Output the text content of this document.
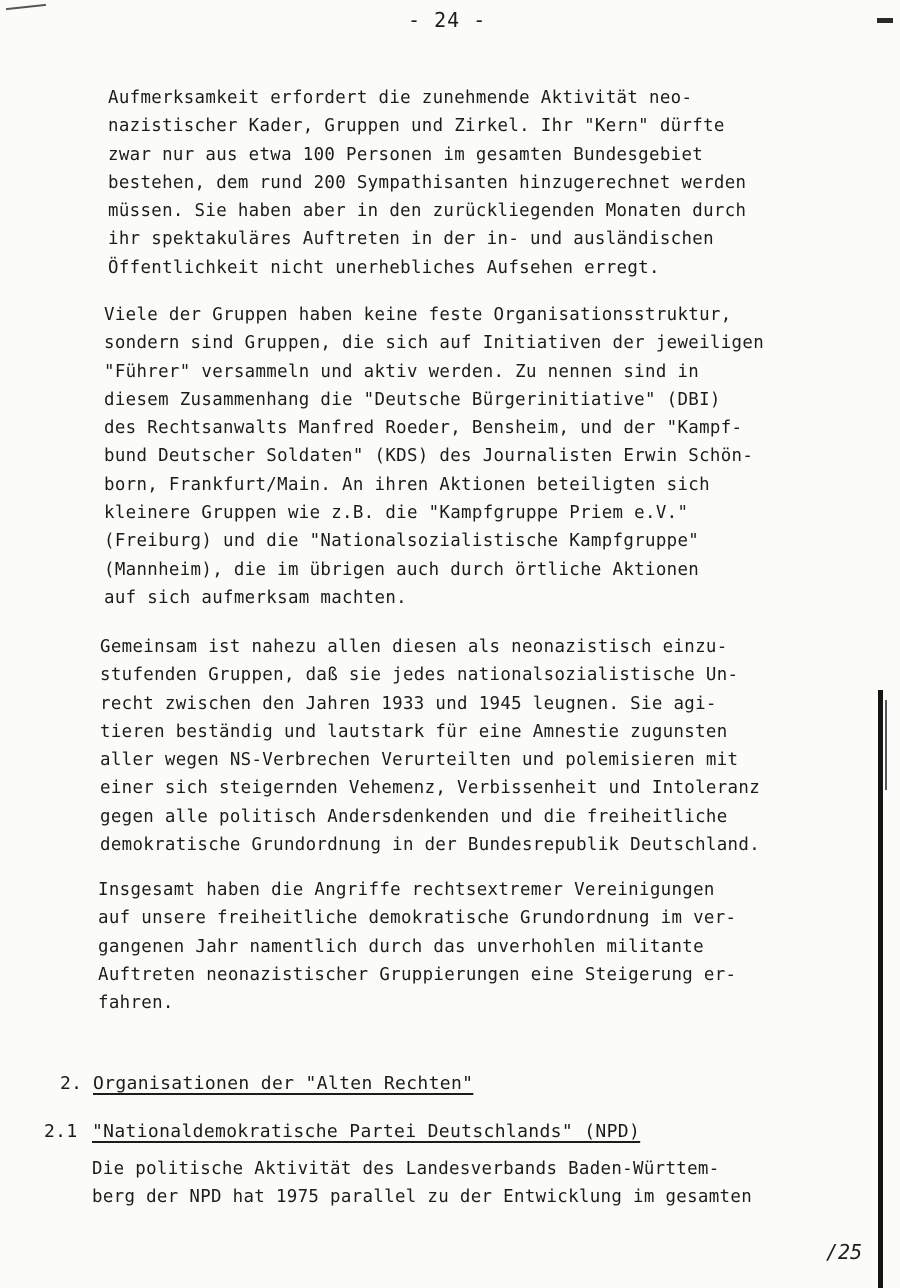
- 24 -

Aufmerksamkeit erfordert die zunehmende Aktivität neo-
nazistischer Kader, Gruppen und Zirkel. Ihr "Kern" dürfte
zwar nur aus etwa 100 Personen im gesamten Bundesgebiet
bestehen, dem rund 200 Sympathisanten hinzugerechnet werden
müssen. Sie haben aber in den zurückliegenden Monaten durch
ihr spektakuläres Auftreten in der in- und ausländischen
Öffentlichkeit nicht unerhebliches Aufsehen erregt.

Viele der Gruppen haben keine feste Organisationsstruktur,
sondern sind Gruppen, die sich auf Initiativen der jeweiligen
"Führer" versammeln und aktiv werden. Zu nennen sind in
diesem Zusammenhang die "Deutsche Bürgerinitiative" (DBI)
des Rechtsanwalts Manfred Roeder, Bensheim, und der "Kampf-
bund Deutscher Soldaten" (KDS) des Journalisten Erwin Schön-
born, Frankfurt/Main. An ihren Aktionen beteiligten sich
kleinere Gruppen wie z.B. die "Kampfgruppe Priem e.V."
(Freiburg) und die "Nationalsozialistische Kampfgruppe"
(Mannheim), die im übrigen auch durch örtliche Aktionen
auf sich aufmerksam machten.

Gemeinsam ist nahezu allen diesen als neonazistisch einzu-
stufenden Gruppen, daß sie jedes nationalsozialistische Un-
recht zwischen den Jahren 1933 und 1945 leugnen. Sie agi-
tieren beständig und lautstark für eine Amnestie zugunsten
aller wegen NS-Verbrechen Verurteilten und polemisieren mit
einer sich steigernden Vehemenz, Verbissenheit und Intoleranz
gegen alle politisch Andersdenkenden und die freiheitliche
demokratische Grundordnung in der Bundesrepublik Deutschland.

Insgesamt haben die Angriffe rechtsextremer Vereinigungen
auf unsere freiheitliche demokratische Grundordnung im ver-
gangenen Jahr namentlich durch das unverhohlen militante
Auftreten neonazistischer Gruppierungen eine Steigerung er-
fahren.

2. Organisationen der "Alten Rechten"
2.1 "Nationaldemokratische Partei Deutschlands" (NPD)

Die politische Aktivität des Landesverbands Baden-Württem-
berg der NPD hat 1975 parallel zu der Entwicklung im gesamten

/25
